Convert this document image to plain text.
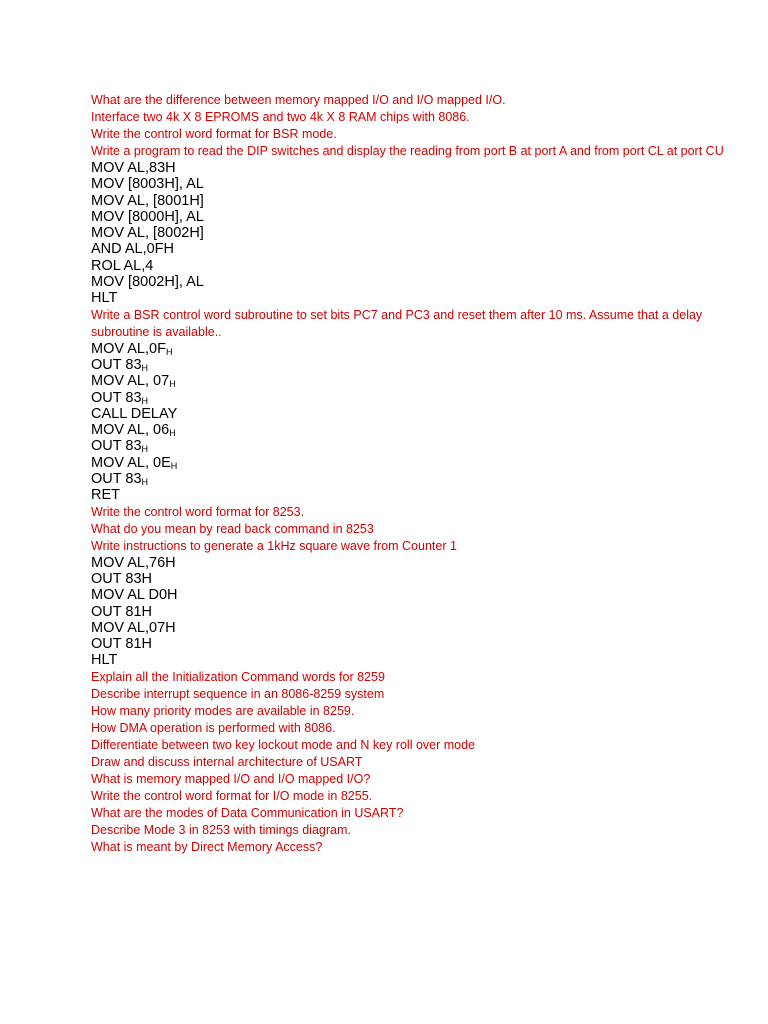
What are the difference between memory mapped I/O and I/O mapped I/O.

Interface two 4k X 8 EPROMS and two 4k X 8 RAM chips with 8086.

Write the control word format for BSR mode.

Write a program to read the DIP switches and display the reading from port B at port A and from port CL at port CU

MOV AL,83H

MOV [8003H], AL

MOV AL, [8001H]

MOV [8000H], AL

MOV AL, [8002H]

AND AL,0FH

ROL AL,4

MOV [8002H], AL

HLT

Write a BSR control word subroutine to set bits PC7 and PC3 and reset them after 10 ms. Assume that a delay subroutine is available..

MOV $AL,0F_H$

OUT $83_H$

MOV AL, $07_H$

OUT $83_H$

CALL DELAY

MOV AL, $06_H$

OUT $83_H$

MOV AL, $0E_H$

OUT $83_H$

RET

Write the control word format for 8253.

What do you mean by read back command in 8253

Write instructions to generate a 1kHz square wave from Counter 1

MOV AL,76H

OUT 83H

MOV AL D0H

OUT 81H

MOV AL,07H

OUT 81H

HLT

Explain all the Initialization Command words for 8259

Describe interrupt sequence in an 8086-8259 system

How many priority modes are available in 8259.

How DMA operation is performed with 8086.

Differentiate between two key lockout mode and N key roll over mode

Draw and discuss internal architecture of USART

What is memory mapped I/O and I/O mapped I/O?

Write the control word format for I/O mode in 8255.

What are the modes of Data Communication in USART?

Describe Mode 3 in 8253 with timings diagram.

What is meant by Direct Memory Access?
